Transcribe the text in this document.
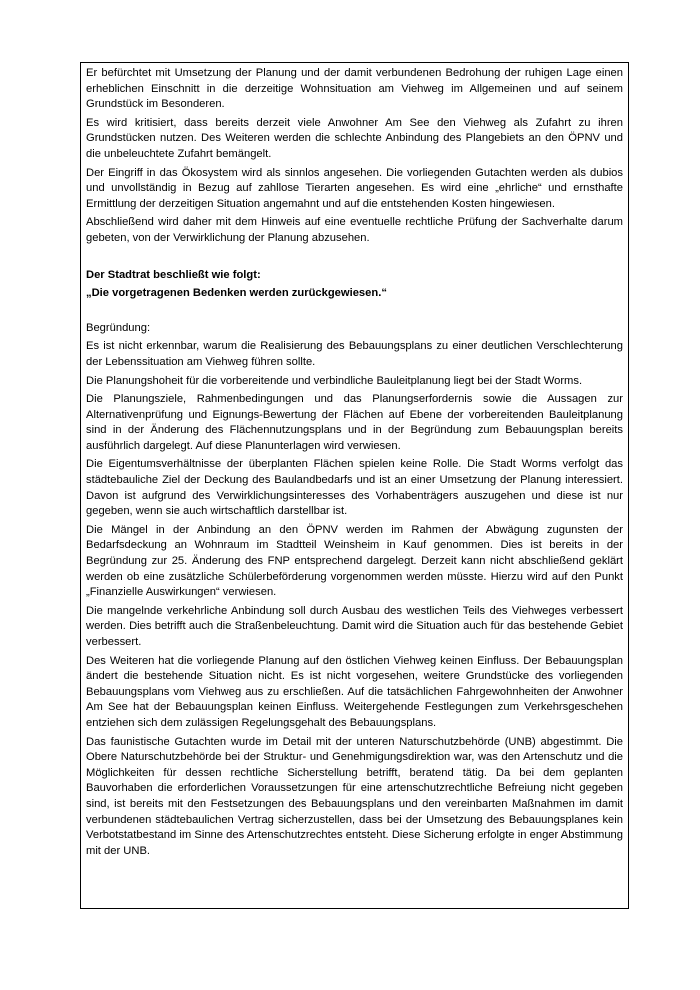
Er befürchtet mit Umsetzung der Planung und der damit verbundenen Bedrohung der ruhigen Lage einen erheblichen Einschnitt in die derzeitige Wohnsituation am Viehweg im Allgemeinen und auf seinem Grundstück im Besonderen.

Es wird kritisiert, dass bereits derzeit viele Anwohner Am See den Viehweg als Zufahrt zu ihren Grundstücken nutzen. Des Weiteren werden die schlechte Anbindung des Plangebiets an den ÖPNV und die unbeleuchtete Zufahrt bemängelt.

Der Eingriff in das Ökosystem wird als sinnlos angesehen. Die vorliegenden Gutachten werden als dubios und unvollständig in Bezug auf zahllose Tierarten angesehen. Es wird eine „ehrliche“ und ernsthafte Ermittlung der derzeitigen Situation angemahnt und auf die entstehenden Kosten hingewiesen.

Abschließend wird daher mit dem Hinweis auf eine eventuelle rechtliche Prüfung der Sachverhalte darum gebeten, von der Verwirklichung der Planung abzusehen.

Der Stadtrat beschließt wie folgt:

„Die vorgetragenen Bedenken werden zurückgewiesen.“

Begründung:

Es ist nicht erkennbar, warum die Realisierung des Bebauungsplans zu einer deutlichen Verschlechterung der Lebenssituation am Viehweg führen sollte.

Die Planungshoheit für die vorbereitende und verbindliche Bauleitplanung liegt bei der Stadt Worms.

Die Planungsziele, Rahmenbedingungen und das Planungserfordernis sowie die Aussagen zur Alternativenprüfung und Eignungs-Bewertung der Flächen auf Ebene der vorbereitenden Bauleitplanung sind in der Änderung des Flächennutzungsplans und in der Begründung zum Bebauungsplan bereits ausführlich dargelegt. Auf diese Planunterlagen wird verwiesen.

Die Eigentumsverhältnisse der überplanten Flächen spielen keine Rolle. Die Stadt Worms verfolgt das städtebauliche Ziel der Deckung des Baulandbedarfs und ist an einer Umsetzung der Planung interessiert. Davon ist aufgrund des Verwirklichungsinteresses des Vorhabenträgers auszugehen und diese ist nur gegeben, wenn sie auch wirtschaftlich darstellbar ist.

Die Mängel in der Anbindung an den ÖPNV werden im Rahmen der Abwägung zugunsten der Bedarfsdeckung an Wohnraum im Stadtteil Weinsheim in Kauf genommen. Dies ist bereits in der Begründung zur 25. Änderung des FNP entsprechend dargelegt. Derzeit kann nicht abschließend geklärt werden ob eine zusätzliche Schülerbeförderung vorgenommen werden müsste. Hierzu wird auf den Punkt „Finanzielle Auswirkungen“ verwiesen.

Die mangelnde verkehrliche Anbindung soll durch Ausbau des westlichen Teils des Viehweges verbessert werden. Dies betrifft auch die Straßenbeleuchtung. Damit wird die Situation auch für das bestehende Gebiet verbessert.

Des Weiteren hat die vorliegende Planung auf den östlichen Viehweg keinen Einfluss. Der Bebauungsplan ändert die bestehende Situation nicht. Es ist nicht vorgesehen, weitere Grundstücke des vorliegenden Bebauungsplans vom Viehweg aus zu erschließen. Auf die tatsächlichen Fahrgewohnheiten der Anwohner Am See hat der Bebauungsplan keinen Einfluss. Weitergehende Festlegungen zum Verkehrsgeschehen entziehen sich dem zulässigen Regelungsgehalt des Bebauungsplans.

Das faunistische Gutachten wurde im Detail mit der unteren Naturschutzbehörde (UNB) abgestimmt. Die Obere Naturschutzbehörde bei der Struktur- und Genehmigungsdirektion war, was den Artenschutz und die Möglichkeiten für dessen rechtliche Sicherstellung betrifft, beratend tätig. Da bei dem geplanten Bauvorhaben die erforderlichen Voraussetzungen für eine artenschutzrechtliche Befreiung nicht gegeben sind, ist bereits mit den Festsetzungen des Bebauungsplans und den vereinbarten Maßnahmen im damit verbundenen städtebaulichen Vertrag sicherzustellen, dass bei der Umsetzung des Bebauungsplanes kein Verbotstatbestand im Sinne des Artenschutzrechtes entsteht. Diese Sicherung erfolgte in enger Abstimmung mit der UNB.
